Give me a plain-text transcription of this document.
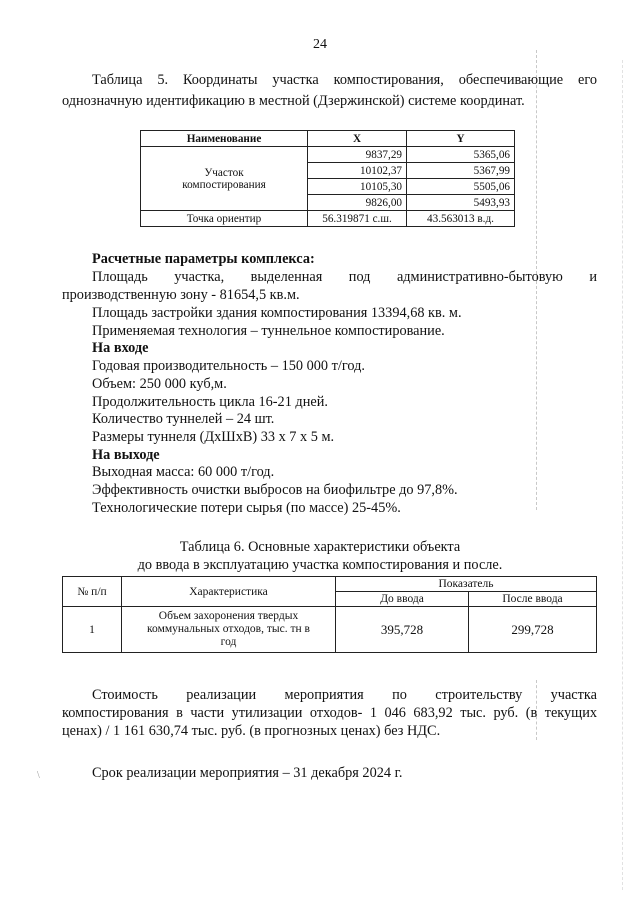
\
24

Таблица 5. Координаты участка компостирования, обеспечивающие его

однозначную идентификацию в местной (Дзержинской) системе координат.

Наименование	X	Y
Участок
компостирования	9837,29	5365,06
	10102,37	5367,99
	10105,30	5505,06
	9826,00	5493,93
Точка ориентир	56.319871 с.ш.	43.563013 в.д.

Расчетные параметры комплекса:

Площадь участка, выделенная под административно-бытовую и

производственную зону - 81654,5 кв.м.

Площадь застройки здания компостирования 13394,68 кв. м.

Применяемая технология – туннельное компостирование.

На входе

Годовая производительность – 150 000 т/год.

Объем: 250 000 куб,м.

Продолжительность цикла 16-21 дней.

Количество туннелей – 24 шт.

Размеры туннеля (ДхШхВ) 33 х 7 х 5 м.

На выходе

Выходная масса: 60 000 т/год.

Эффективность очистки выбросов на биофильтре до 97,8%.

Технологические потери сырья (по массе) 25-45%.

Таблица 6. Основные характеристики объекта

до ввода в эксплуатацию участка компостирования и после.

№ п/п	Характеристика	Показатель	
		До ввода	После ввода
1	Объем захоронения твердых
коммунальных отходов, тыс. тн в
год	395,728	299,728
Стоимость реализации мероприятия по строительству участка

компостирования в части утилизации отходов- 1 046 683,92 тыс. руб. (в текущих

ценах) / 1 161 630,74 тыс. руб. (в прогнозных ценах) без НДС.

Срок реализации мероприятия – 31 декабря 2024 г.
